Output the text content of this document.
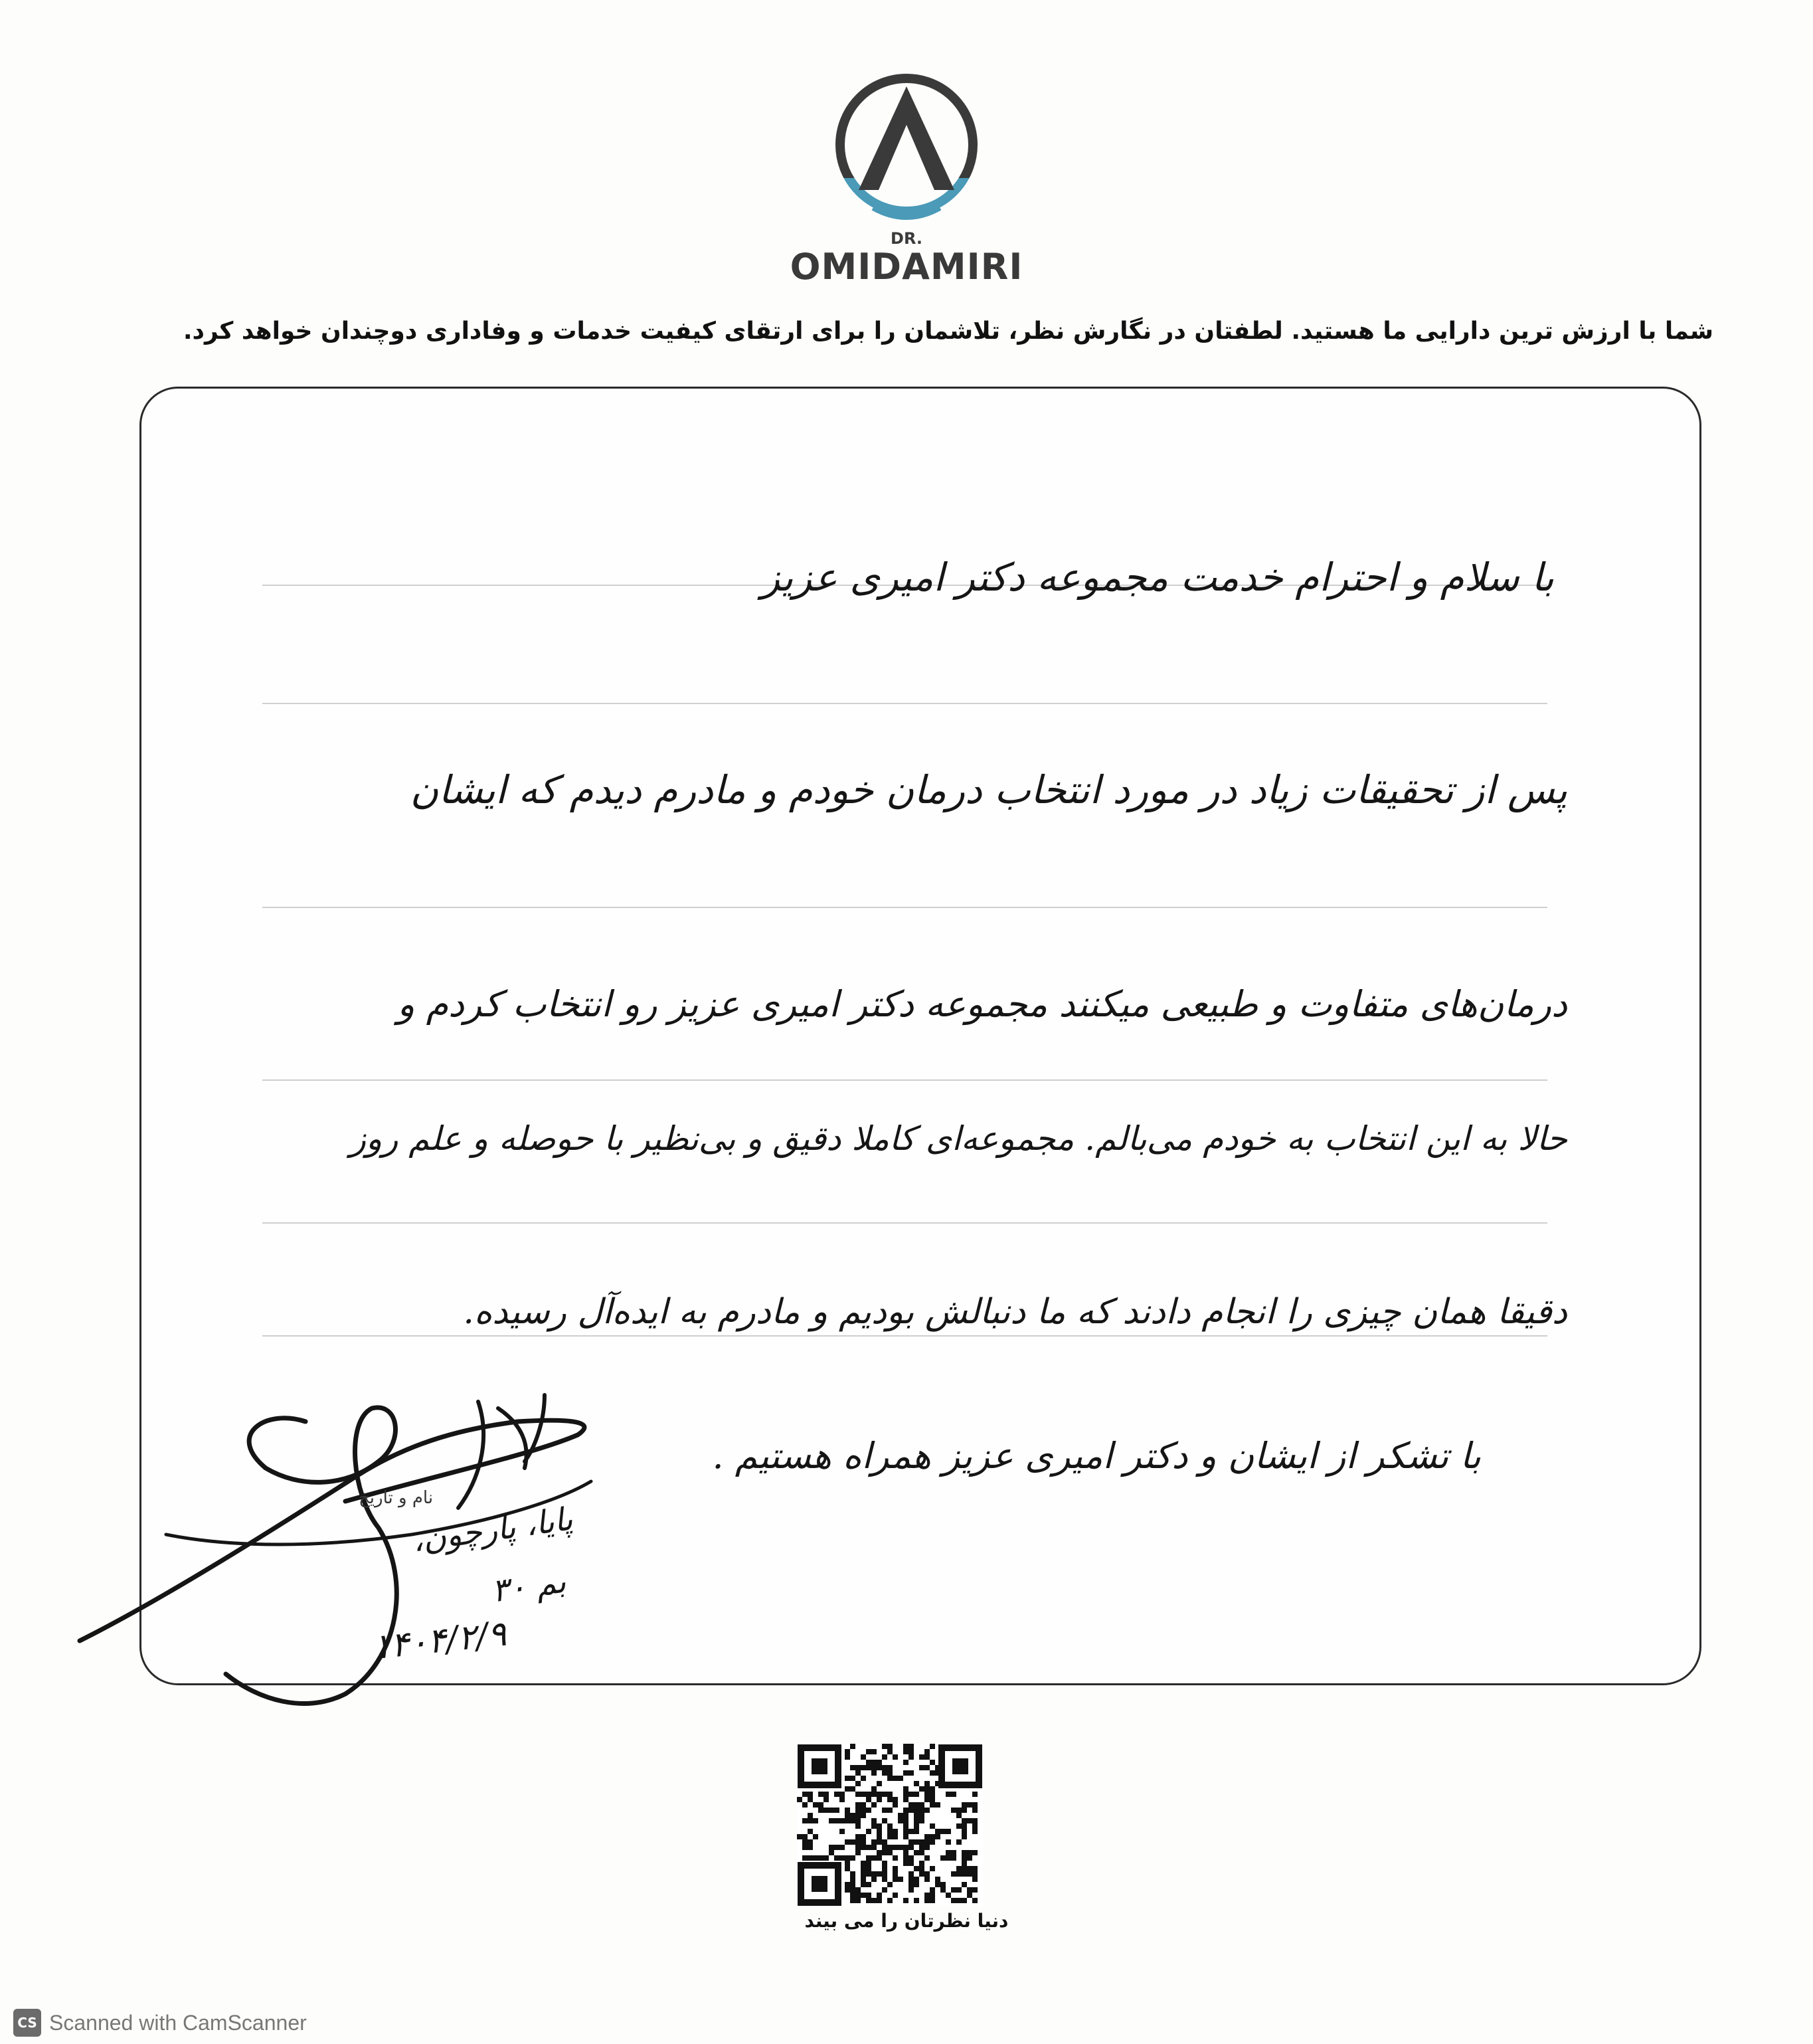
DR.
OMIDAMIRI
شما با ارزش ترین دارایی ما هستید. لطفتان در نگارش نظر، تلاشمان را برای ارتقای کیفیت خدمات و وفاداری دوچندان خواهد کرد.
با سلام و احترام خدمت مجموعه دکتر امیری عزیز
پس از تحقیقات زیاد در مورد انتخاب درمان خودم و مادرم دیدم که ایشان
درمان‌های متفاوت و طبیعی میکنند مجموعه دکتر امیری عزیز رو انتخاب کردم و
حالا به این انتخاب به خودم می‌بالم. مجموعه‌ای کاملا دقیق و بی‌نظیر با حوصله و علم روز
دقیقا همان چیزی را انجام دادند که ما دنبالش بودیم و مادرم به ایده‌آل رسیده.
با تشکر از ایشان و دکتر امیری عزیز همراه هستیم .
نام و تاریخ
پایا، پارچون،
بم ۳۰
۱۴۰۴/۲/۹
دنیا نظرتان را می بیند
CS Scanned with CamScanner
